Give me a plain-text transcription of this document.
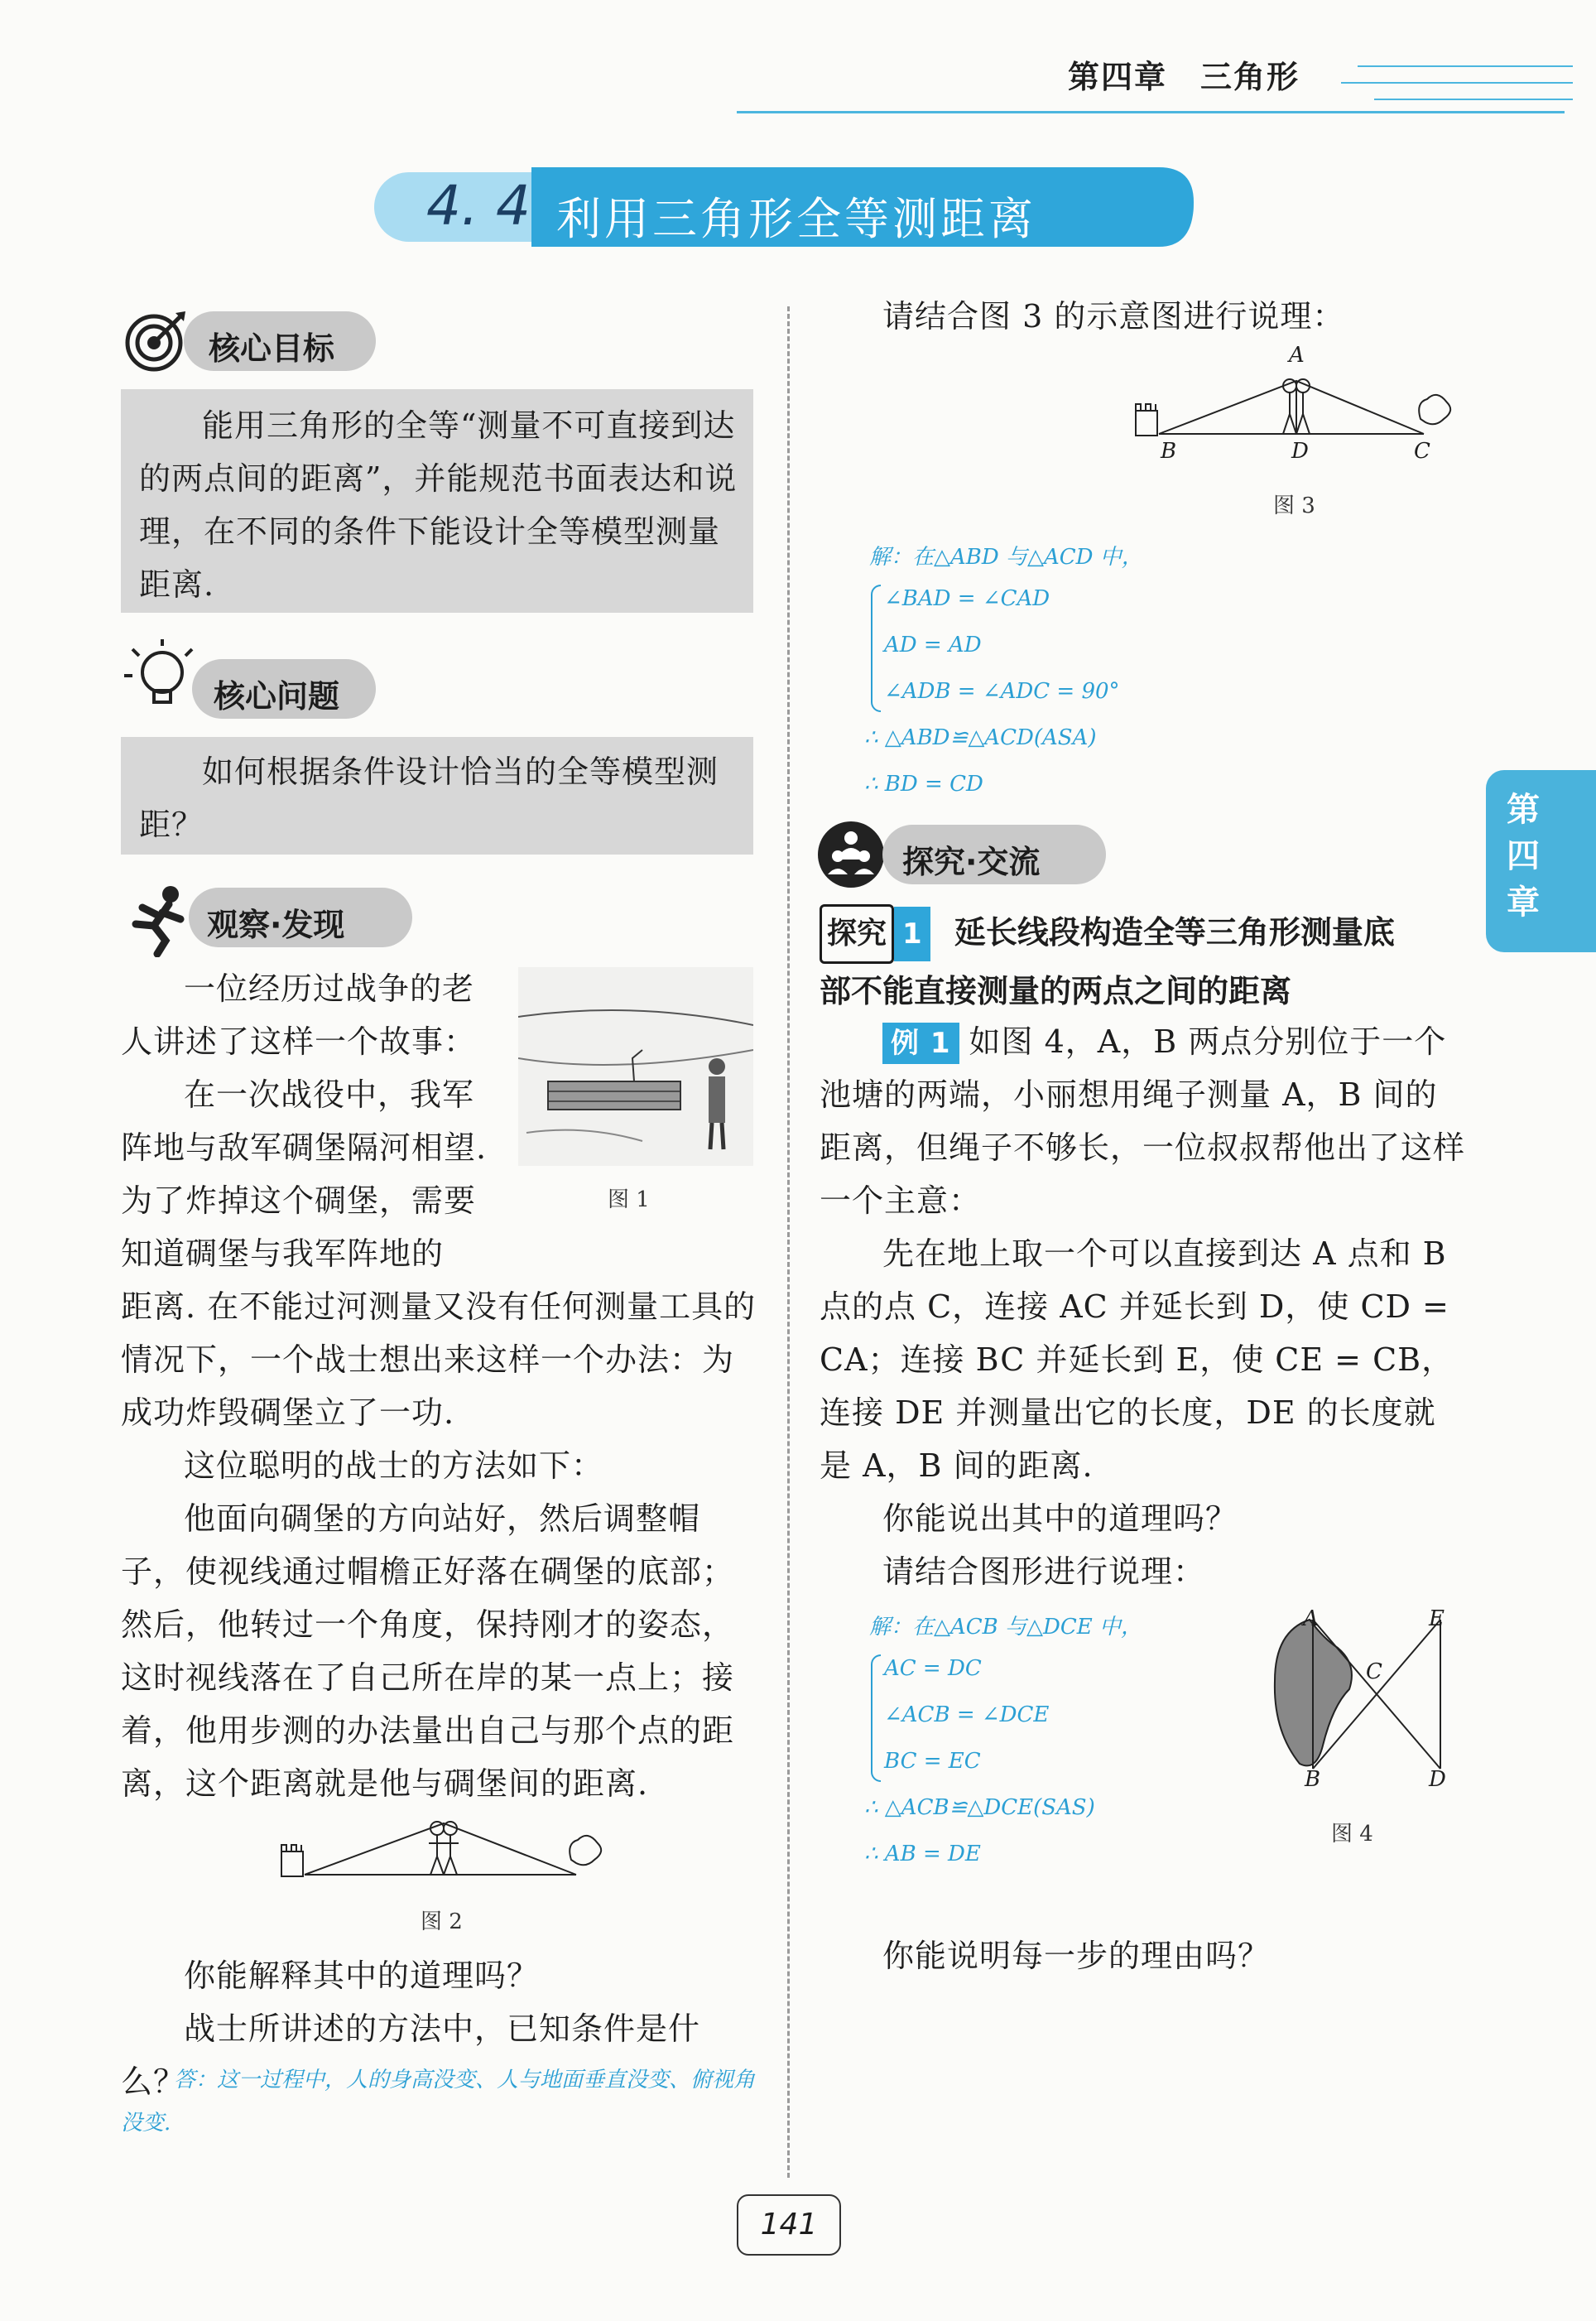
第四章　三角形
4. 4 利用三角形全等测距离
核心目标
能用三角形的全等“测量不可直接到达的两点间的距离”，并能规范书面表达和说理，在不同的条件下能设计全等模型测量距离.
核心问题
如何根据条件设计恰当的全等模型测距？
观察·发现
一位经历过战争的老人讲述了这样一个故事：
在一次战役中，我军阵地与敌军碉堡隔河相望. 为了炸掉这个碉堡，需要知道碉堡与我军阵地的
图 1
距离. 在不能过河测量又没有任何测量工具的情况下，一个战士想出来这样一个办法：为成功炸毁碉堡立了一功.
这位聪明的战士的方法如下：
他面向碉堡的方向站好，然后调整帽子，使视线通过帽檐正好落在碉堡的底部；然后，他转过一个角度，保持刚才的姿态，这时视线落在了自己所在岸的某一点上；接着，他用步测的办法量出自己与那个点的距离，这个距离就是他与碉堡间的距离.
图 2
你能解释其中的道理吗？
战士所讲述的方法中，已知条件是什么？
答：这一过程中，人的身高没变、人与地面垂直没变、俯视角没变.
请结合图 3 的示意图进行说理：
A
B	D	C
图 3
解：在△ABD 与△ACD 中，
∠BAD = ∠CAD
AD = AD
∠ADB = ∠ADC = 90°
∴ △ABD≌△ACD(ASA)
∴ BD = CD
探究·交流
探究 1 延长线段构造全等三角形测量底
部不能直接测量的两点之间的距离
例 1 如图 4，A，B 两点分别位于一个池塘的两端，小丽想用绳子测量 A，B 间的距离，但绳子不够长，一位叔叔帮他出了这样一个主意：
先在地上取一个可以直接到达 A 点和 B 点的点 C，连接 AC 并延长到 D，使 CD = CA；连接 BC 并延长到 E，使 CE = CB，连接 DE 并测量出它的长度，DE 的长度就是 A，B 间的距离.
你能说出其中的道理吗？
请结合图形进行说理：
解：在△ACB 与△DCE 中，
AC = DC
∠ACB = ∠DCE
BC = EC
∴ △ACB≌△DCE(SAS)
∴ AB = DE
A	E
C
B	D
图 4
你能说明每一步的理由吗？
第四章
141
